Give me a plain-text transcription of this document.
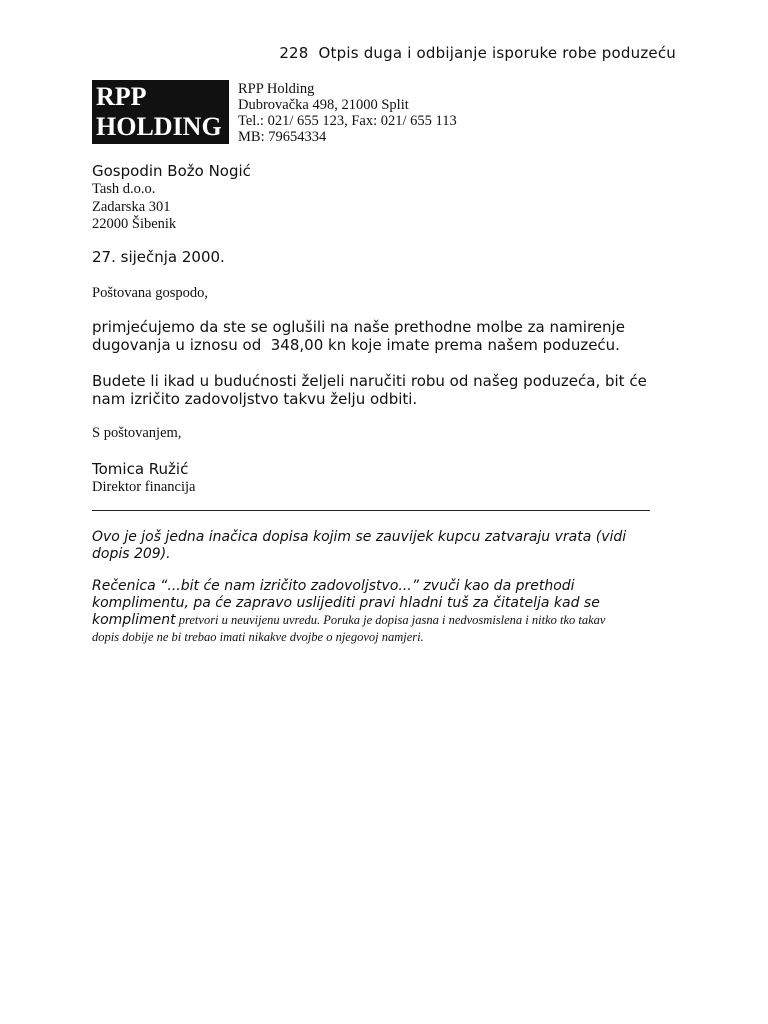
228 Otpis duga i odbijanje isporuke robe poduzeću
RPP
HOLDING
RPP Holding
Dubrovačka 498, 21000 Split
Tel.: 021/ 655 123, Fax: 021/ 655 113
MB: 79654334
Gospodin Božo Nogić
Tash d.o.o.
Zadarska 301
22000 Šibenik
27. siječnja 2000.
Poštovana gospodo,
primjećujemo da ste se oglušili na naše prethodne molbe za namirenje
dugovanja u iznosu od  348,00 kn koje imate prema našem poduzeću.
Budete li ikad u budućnosti željeli naručiti robu od našeg poduzeća, bit će
nam izričito zadovoljstvo takvu želju odbiti.
S poštovanjem,
Tomica Ružić
Direktor financija
Ovo je još jedna inačica dopisa kojim se zauvijek kupcu zatvaraju vrata (vidi
dopis 209).
Rečenica “...bit će nam izričito zadovoljstvo...” zvuči kao da prethodi
komplimentu, pa će zapravo uslijediti pravi hladni tuš za čitatelja kad se
kompliment pretvori u neuvijenu uvredu. Poruka je dopisa jasna i nedvosmislena i nitko tko takav
dopis dobije ne bi trebao imati nikakve dvojbe o njegovoj namjeri.
